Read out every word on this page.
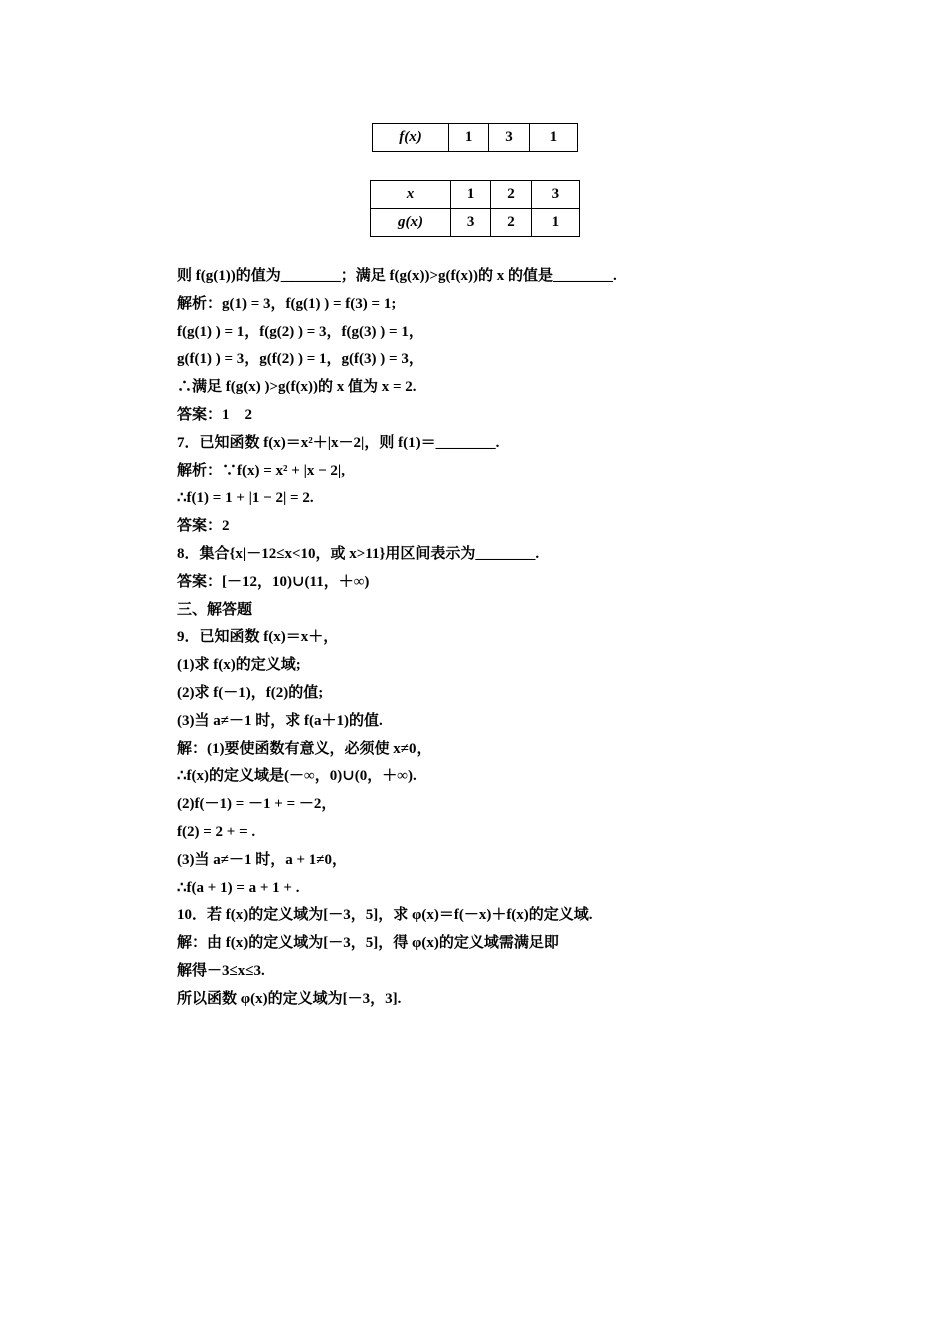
f(x)	1	3	1
x	1	2	3
g(x)	3	2	1
则 f(g(1))的值为________；满足 f(g(x))>g(f(x))的 x 的值是________.
解析：g(1) = 3，f(g(1) ) = f(3) = 1;
f(g(1) ) = 1，f(g(2) ) = 3，f(g(3) ) = 1，
g(f(1) ) = 3，g(f(2) ) = 1，g(f(3) ) = 3，
∴满足 f(g(x) )>g(f(x))的 x 值为 x = 2.
答案：1　2
7．已知函数 f(x)＝x²＋|x－2|，则 f(1)＝________.
解析：∵f(x) = x² + |x − 2|,
∴f(1) = 1 + |1 − 2| = 2.
答案：2
8．集合{x|－12≤x<10，或 x>11}用区间表示为________.
答案：[－12，10)∪(11，＋∞)
三、解答题
9．已知函数 f(x)＝x＋，
(1)求 f(x)的定义域;
(2)求 f(－1)，f(2)的值;
(3)当 a≠－1 时，求 f(a＋1)的值.
解：(1)要使函数有意义，必须使 x≠0，
∴f(x)的定义域是(－∞，0)∪(0，＋∞).
(2)f(－1) = －1 + = －2，
f(2) = 2 + = .
(3)当 a≠－1 时，a + 1≠0，
∴f(a + 1) = a + 1 + .
10．若 f(x)的定义域为[－3，5]，求 φ(x)＝f(－x)＋f(x)的定义域.
解：由 f(x)的定义域为[－3，5]，得 φ(x)的定义域需满足即
解得－3≤x≤3.
所以函数 φ(x)的定义域为[－3，3].
